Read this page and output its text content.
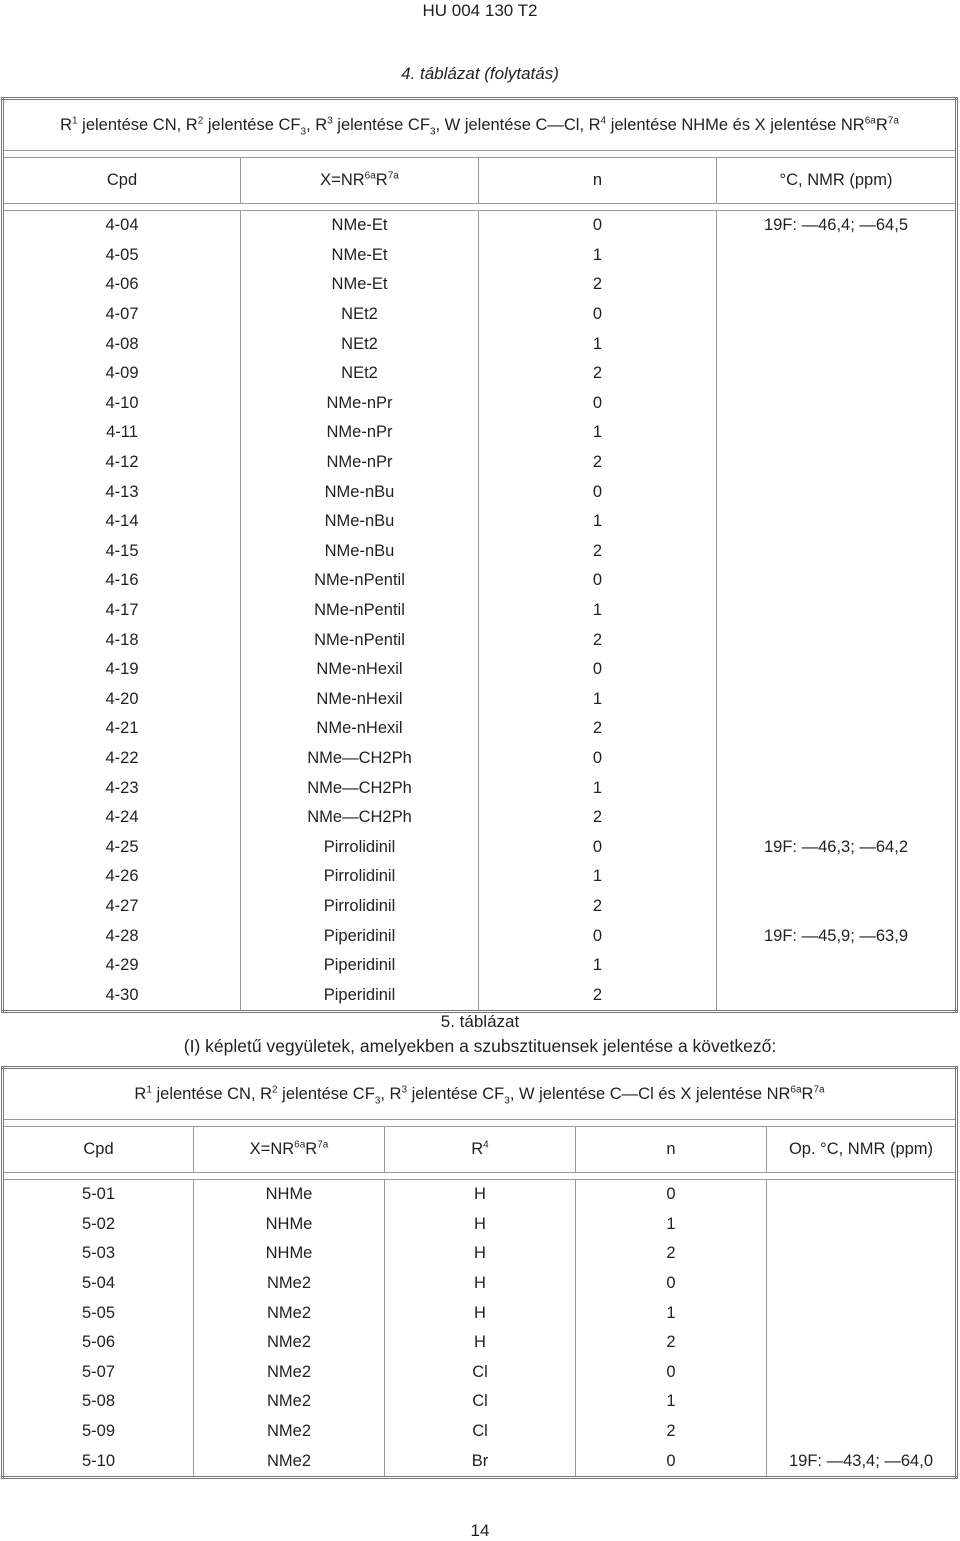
HU 004 130 T2
4. táblázat (folytatás)
$R^1$ jelentése CN, $R^2$ jelentése $CF_3$, $R^3$ jelentése $CF_3$, W jelentése C—Cl, $R^4$ jelentése NHMe és X jelentése $NR^{6a}R^{7a}$

Cpd	$X=NR^{6a}R^{7a}$	n	°C, NMR (ppm)

4-04	NMe-Et	0	19F: —46,4; —64,5
4-05	NMe-Et	1	
4-06	NMe-Et	2	
4-07	NEt2	0	
4-08	NEt2	1	
4-09	NEt2	2	
4-10	NMe-nPr	0	
4-11	NMe-nPr	1	
4-12	NMe-nPr	2	
4-13	NMe-nBu	0	
4-14	NMe-nBu	1	
4-15	NMe-nBu	2	
4-16	NMe-nPentil	0	
4-17	NMe-nPentil	1	
4-18	NMe-nPentil	2	
4-19	NMe-nHexil	0	
4-20	NMe-nHexil	1	
4-21	NMe-nHexil	2	
4-22	NMe—CH2Ph	0	
4-23	NMe—CH2Ph	1	
4-24	NMe—CH2Ph	2	
4-25	Pirrolidinil	0	19F: —46,3; —64,2
4-26	Pirrolidinil	1	
4-27	Pirrolidinil	2	
4-28	Piperidinil	0	19F: —45,9; —63,9
4-29	Piperidinil	1	
4-30	Piperidinil	2	
5. táblázat
(I) képletű vegyületek, amelyekben a szubsztituensek jelentése a következő:
$R^1$ jelentése CN, $R^2$ jelentése $CF_3$, $R^3$ jelentése $CF_3$, W jelentése C—Cl és X jelentése $NR^{6a}R^{7a}$

Cpd	$X=NR^{6a}R^{7a}$	$R^4$	n	Op. °C, NMR (ppm)

5-01	NHMe	H	0	
5-02	NHMe	H	1	
5-03	NHMe	H	2	
5-04	NMe2	H	0	
5-05	NMe2	H	1	
5-06	NMe2	H	2	
5-07	NMe2	Cl	0	
5-08	NMe2	Cl	1	
5-09	NMe2	Cl	2	
5-10	NMe2	Br	0	19F: —43,4; —64,0
14
